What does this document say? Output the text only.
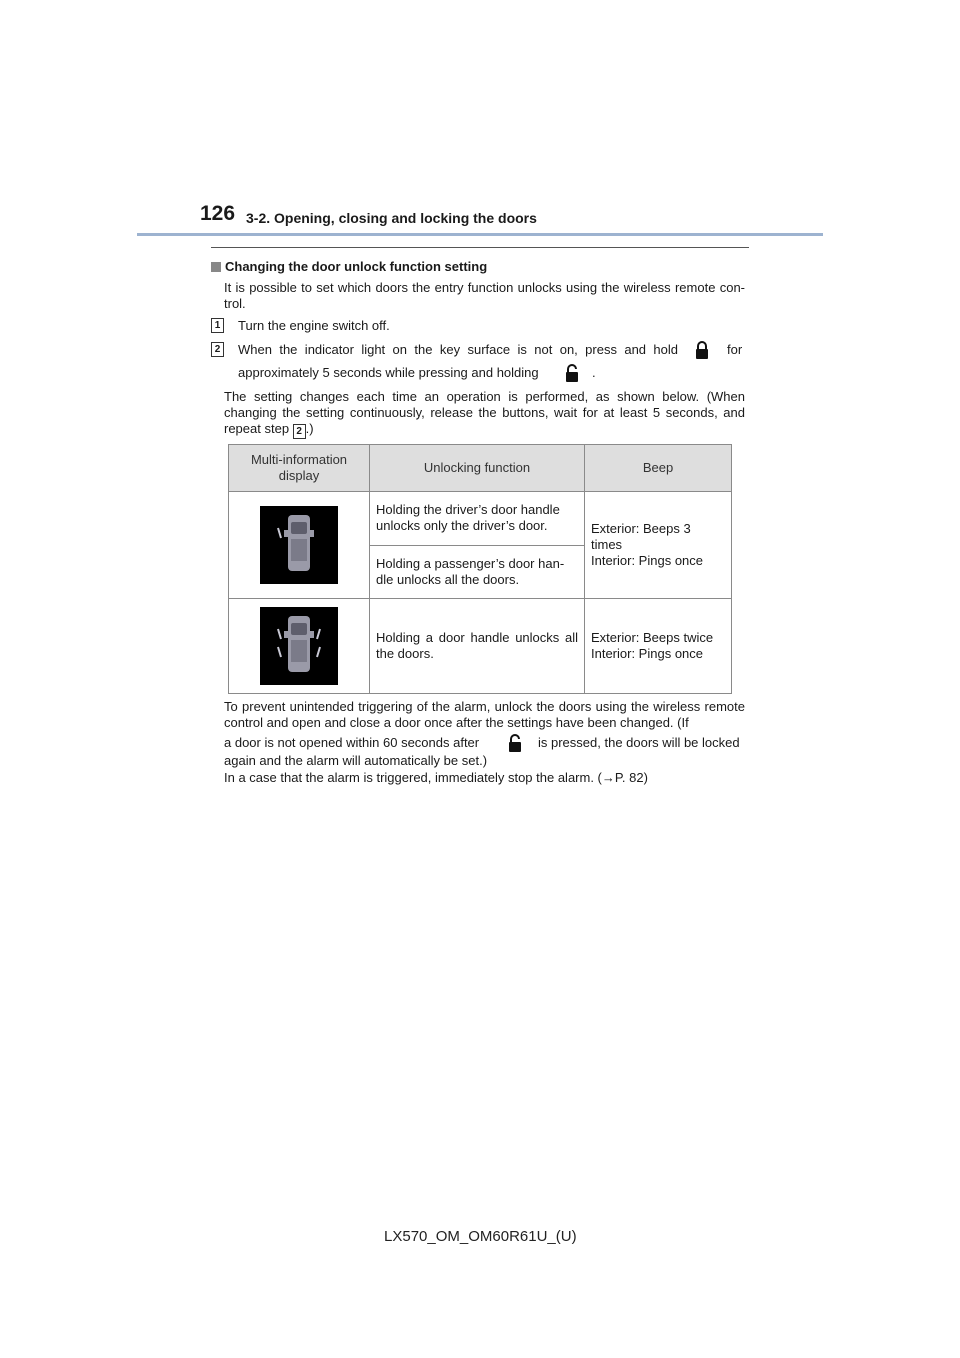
126 3-2. Opening, closing and locking the doors
Changing the door unlock function setting
It is possible to set which doors the entry function unlocks using the wireless remote con-trol.
1 Turn the engine switch off.
2 When the indicator light on the key surface is not on, press and hold	for
approximately 5 seconds while pressing and holding	.
The setting changes each time an operation is performed, as shown below. (When changing the setting continuously, release the buttons, wait for at least 5 seconds, and repeat step 2 .)
Multi-information display	Unlocking function	Beep

	Holding the driver’s door handle unlocks only the driver’s door.	Exterior: Beeps 3 times
Interior: Pings once

	Holding a passenger’s door han-dle unlocks all the doors.	

	Holding a door handle unlocks all the doors.	Exterior: Beeps twice
Interior: Pings once
To prevent unintended triggering of the alarm, unlock the doors using the wireless remote control and open and close a door once after the settings have been changed. (If
a door is not opened within 60 seconds after	is pressed, the doors will be locked
again and the alarm will automatically be set.)
In a case that the alarm is triggered, immediately stop the alarm. (→P. 82)
LX570_OM_OM60R61U_(U)
